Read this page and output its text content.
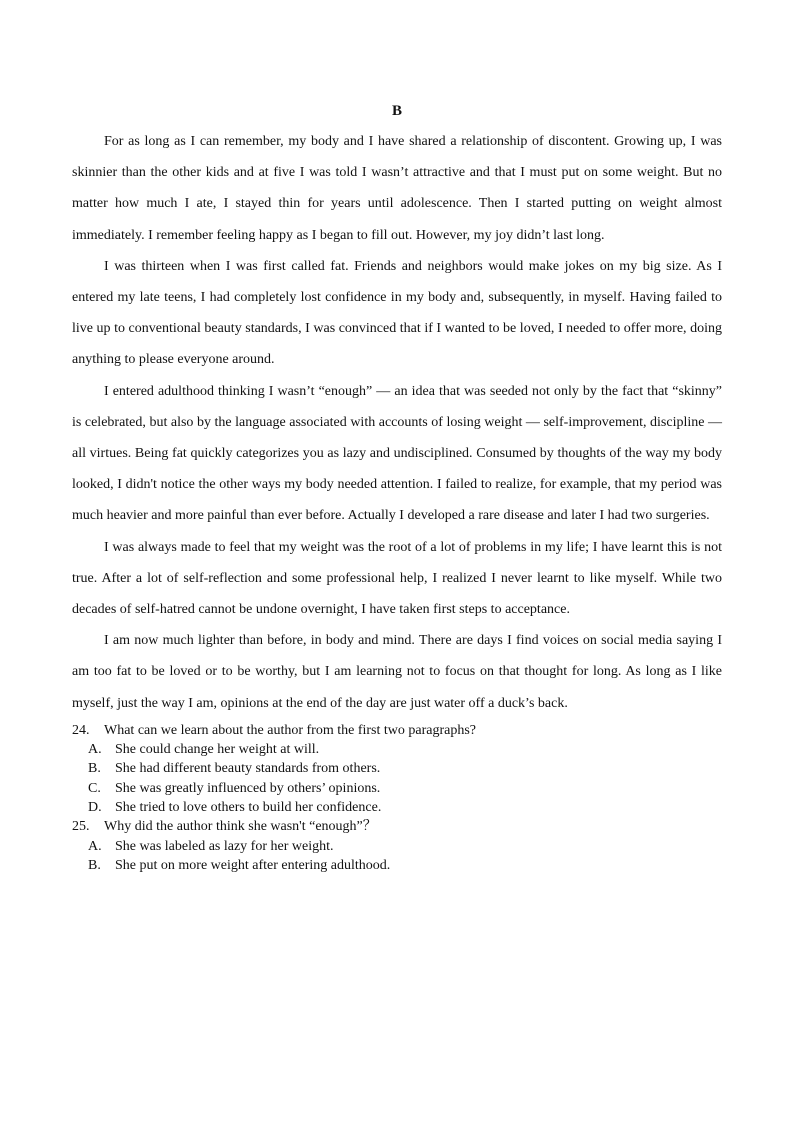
B

For as long as I can remember, my body and I have shared a relationship of discontent. Growing up, I was skinnier than the other kids and at five I was told I wasn’t attractive and that I must put on some weight. But no matter how much I ate, I stayed thin for years until adolescence. Then I started putting on weight almost immediately. I remember feeling happy as I began to fill out. However, my joy didn’t last long.

I was thirteen when I was first called fat. Friends and neighbors would make jokes on my big size. As I entered my late teens, I had completely lost confidence in my body and, subsequently, in myself. Having failed to live up to conventional beauty standards, I was convinced that if I wanted to be loved, I needed to offer more, doing anything to please everyone around.

I entered adulthood thinking I wasn’t “enough” — an idea that was seeded not only by the fact that “skinny” is celebrated, but also by the language associated with accounts of losing weight — self-improvement, discipline — all virtues. Being fat quickly categorizes you as lazy and undisciplined. Consumed by thoughts of the way my body looked, I didn't notice the other ways my body needed attention. I failed to realize, for example, that my period was much heavier and more painful than ever before. Actually I developed a rare disease and later I had two surgeries.

I was always made to feel that my weight was the root of a lot of problems in my life; I have learnt this is not true. After a lot of self-reflection and some professional help, I realized I never learnt to like myself. While two decades of self-hatred cannot be undone overnight, I have taken first steps to acceptance.

I am now much lighter than before, in body and mind. There are days I find voices on social media saying I am too fat to be loved or to be worthy, but I am learning not to focus on that thought for long. As long as I like myself, just the way I am, opinions at the end of the day are just water off a duck’s back.

24. What can we learn about the author from the first two paragraphs?

A. She could change her weight at will.

B. She had different beauty standards from others.

C. She was greatly influenced by others’ opinions.

D. She tried to love others to build her confidence.

25. Why did the author think she wasn't “enough”？

A. She was labeled as lazy for her weight.

B. She put on more weight after entering adulthood.
